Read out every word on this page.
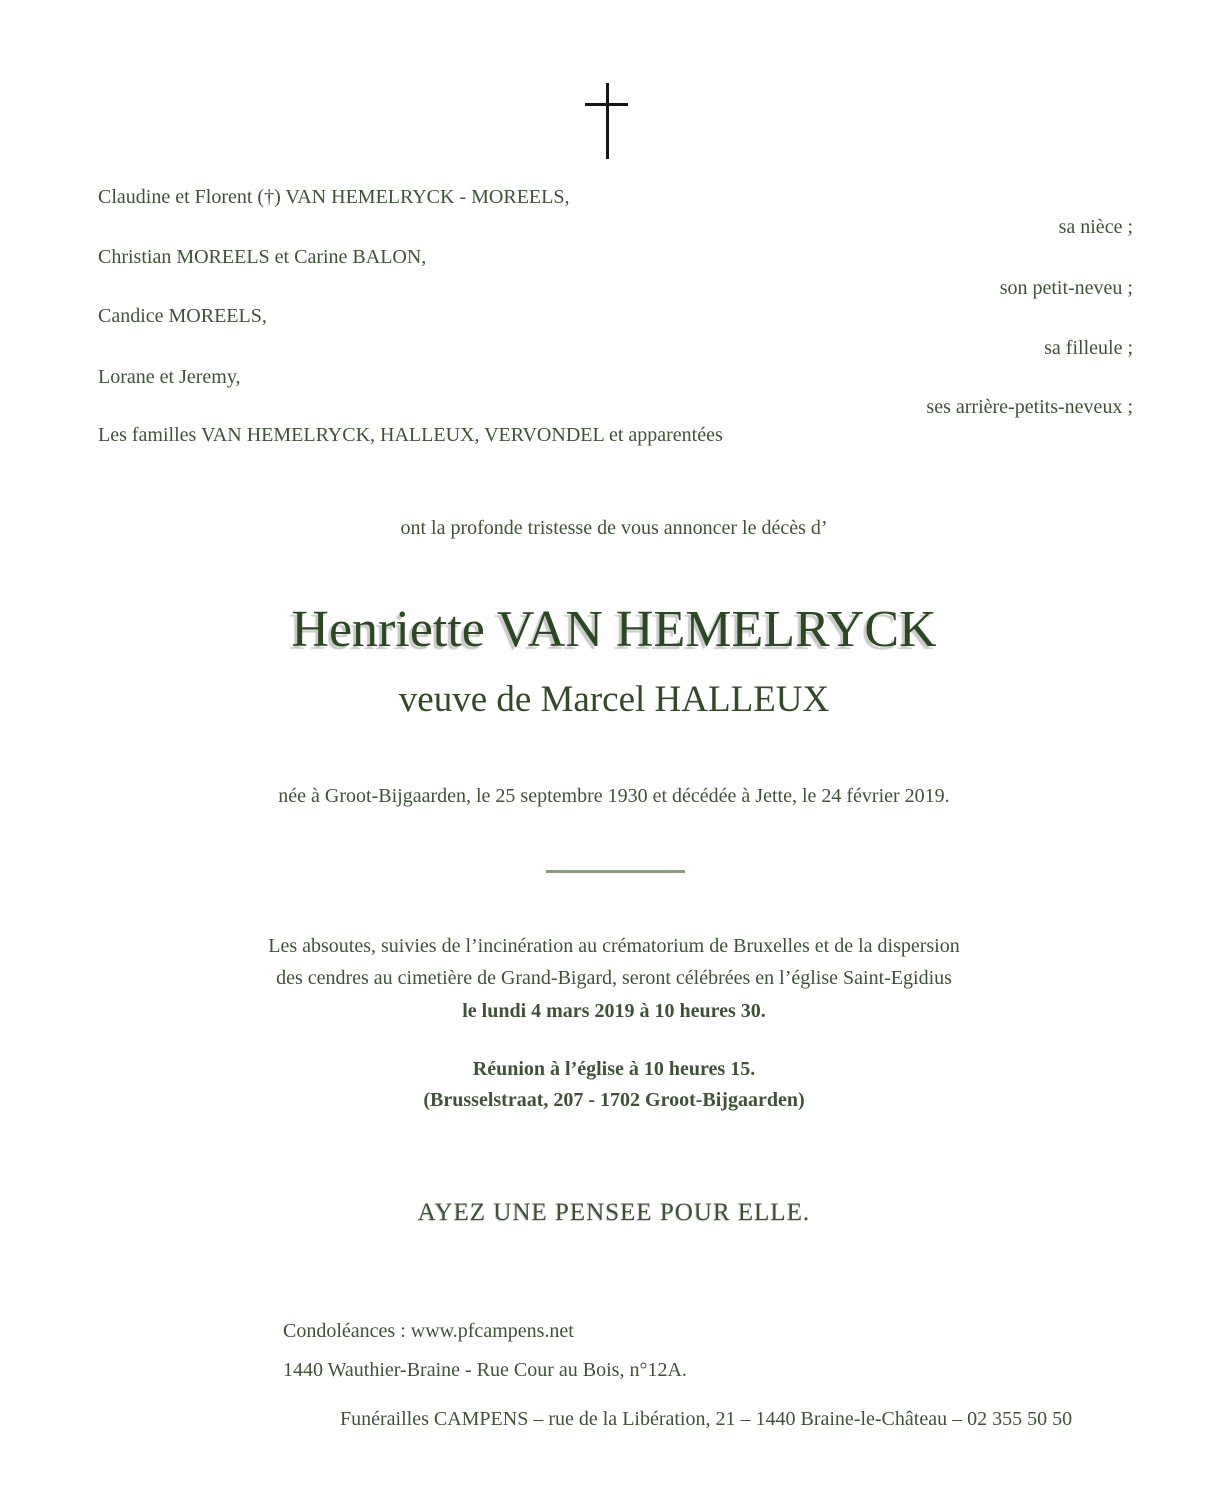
Claudine et Florent (†) VAN HEMELRYCK - MOREELS,
sa nièce ;
Christian MOREELS et Carine BALON,
son petit-neveu ;
Candice MOREELS,
sa filleule ;
Lorane et Jeremy,
ses arrière-petits-neveux ;
Les familles VAN HEMELRYCK, HALLEUX, VERVONDEL et apparentées
ont la profonde tristesse de vous annoncer le décès d’
Henriette VAN HEMELRYCK
veuve de Marcel HALLEUX
née à Groot-Bijgaarden, le 25 septembre 1930 et décédée à Jette, le 24 février 2019.
Les absoutes, suivies de l’incinération au crématorium de Bruxelles et de la dispersion
des cendres au cimetière de Grand-Bigard, seront célébrées en l’église Saint-Egidius
le lundi 4 mars 2019 à 10 heures 30.
Réunion à l’église à 10 heures 15.
(Brusselstraat, 207 - 1702 Groot-Bijgaarden)
AYEZ UNE PENSEE POUR ELLE.
Condoléances : www.pfcampens.net
1440 Wauthier-Braine - Rue Cour au Bois, n°12A.
Funérailles CAMPENS – rue de la Libération, 21 – 1440 Braine-le-Château – 02 355 50 50
